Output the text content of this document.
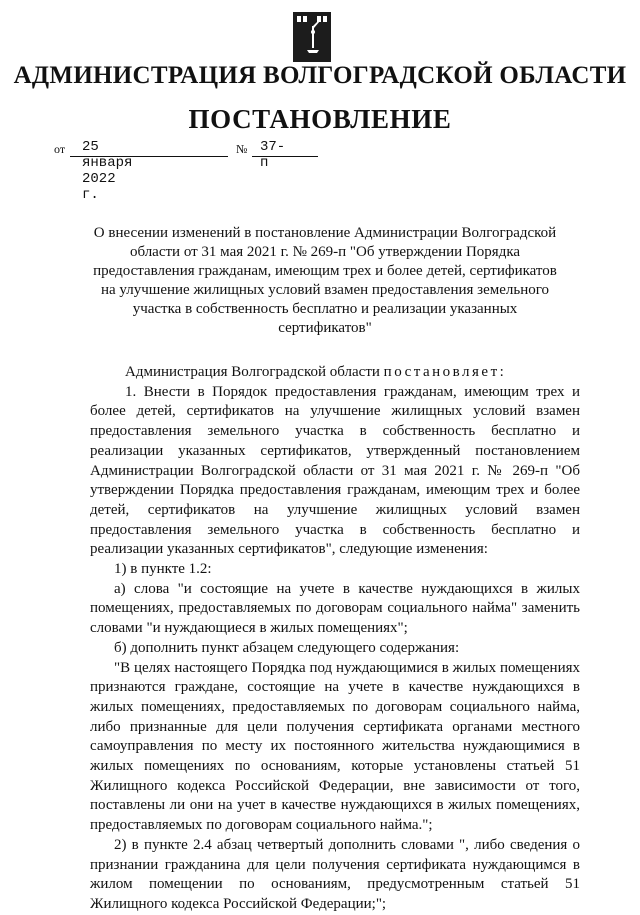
АДМИНИСТРАЦИЯ ВОЛГОГРАДСКОЙ ОБЛАСТИ
ПОСТАНОВЛЕНИЕ
от 25 января 2022 г.
№ 37-п
О внесении изменений в постановление Администрации Волгоградской области от 31 мая 2021 г. № 269-п "Об утверждении Порядка предоставления гражданам, имеющим трех и более детей, сертификатов на улучшение жилищных условий взамен предоставления земельного участка в собственность бесплатно и реализации указанных сертификатов"

Администрация Волгоградской области постановляет:

1. Внести в Порядок предоставления гражданам, имеющим трех и более детей, сертификатов на улучшение жилищных условий взамен предоставления земельного участка в собственность бесплатно и реализации указанных сертификатов, утвержденный постановлением Администрации Волгоградской области от 31 мая 2021 г. № 269-п "Об утверждении Порядка предоставления гражданам, имеющим трех и более детей, сертификатов на улучшение жилищных условий взамен предоставления земельного участка в собственность бесплатно и реализации указанных сертификатов", следующие изменения:

1) в пункте 1.2:

а) слова "и состоящие на учете в качестве нуждающихся в жилых помещениях, предоставляемых по договорам социального найма" заменить словами "и нуждающиеся в жилых помещениях";

б) дополнить пункт абзацем следующего содержания:

"В целях настоящего Порядка под нуждающимися в жилых помещениях признаются граждане, состоящие на учете в качестве нуждающихся в жилых помещениях, предоставляемых по договорам социального найма, либо признанные для цели получения сертификата органами местного самоуправления по месту их постоянного жительства нуждающимися в жилых помещениях по основаниям, которые установлены статьей 51 Жилищного кодекса Российской Федерации, вне зависимости от того, поставлены ли они на учет в качестве нуждающихся в жилых помещениях, предоставляемых по договорам социального найма.";

2) в пункте 2.4 абзац четвертый дополнить словами ", либо сведения о признании гражданина для цели получения сертификата нуждающимся в жилом помещении по основаниям, предусмотренным статьей 51 Жилищного кодекса Российской Федерации;";
